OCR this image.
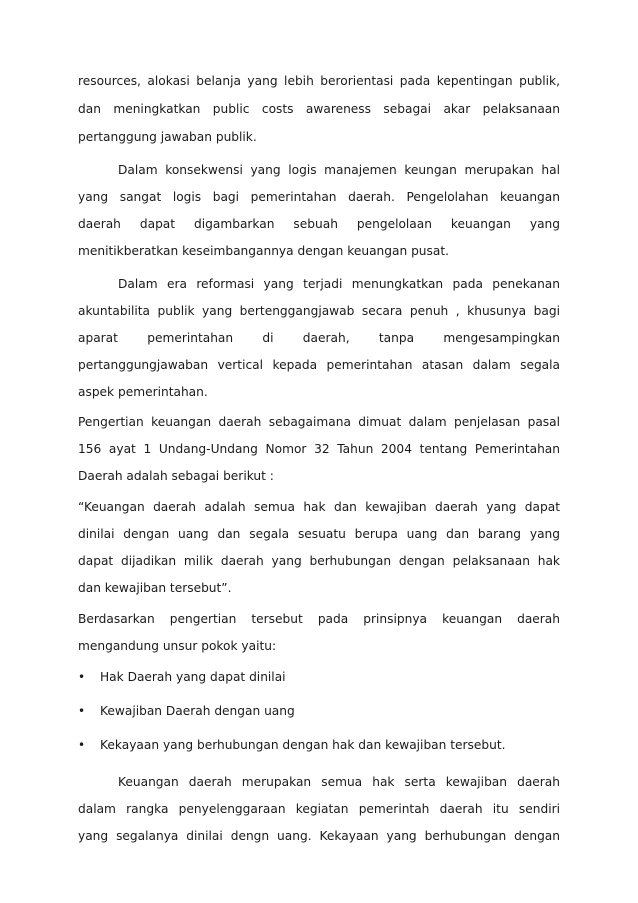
resources, alokasi belanja yang lebih berorientasi pada kepentingan publik,
dan meningkatkan public costs awareness sebagai akar pelaksanaan
pertanggung jawaban publik.
Dalam konsekwensi yang logis manajemen keungan merupakan hal
yang sangat logis bagi pemerintahan daerah. Pengelolahan keuangan
daerah dapat digambarkan sebuah pengelolaan keuangan yang
menitikberatkan keseimbangannya dengan keuangan pusat.
Dalam era reformasi yang terjadi menungkatkan pada penekanan
akuntabilita publik yang bertenggangjawab secara penuh , khusunya bagi
aparat pemerintahan di daerah, tanpa mengesampingkan
pertanggungjawaban vertical kepada pemerintahan atasan dalam segala
aspek pemerintahan.
Pengertian keuangan daerah sebagaimana dimuat dalam penjelasan pasal
156 ayat 1 Undang-Undang Nomor 32 Tahun 2004 tentang Pemerintahan
Daerah adalah sebagai berikut :
“Keuangan daerah adalah semua hak dan kewajiban daerah yang dapat
dinilai dengan uang dan segala sesuatu berupa uang dan barang yang
dapat dijadikan milik daerah yang berhubungan dengan pelaksanaan hak
dan kewajiban tersebut”.
Berdasarkan pengertian tersebut pada prinsipnya keuangan daerah
mengandung unsur pokok yaitu:
•	Hak Daerah yang dapat dinilai
•	Kewajiban Daerah dengan uang
•	Kekayaan yang berhubungan dengan hak dan kewajiban tersebut.
Keuangan daerah merupakan semua hak serta kewajiban daerah
dalam rangka penyelenggaraan kegiatan pemerintah daerah itu sendiri
yang segalanya dinilai dengn uang. Kekayaan yang berhubungan dengan
